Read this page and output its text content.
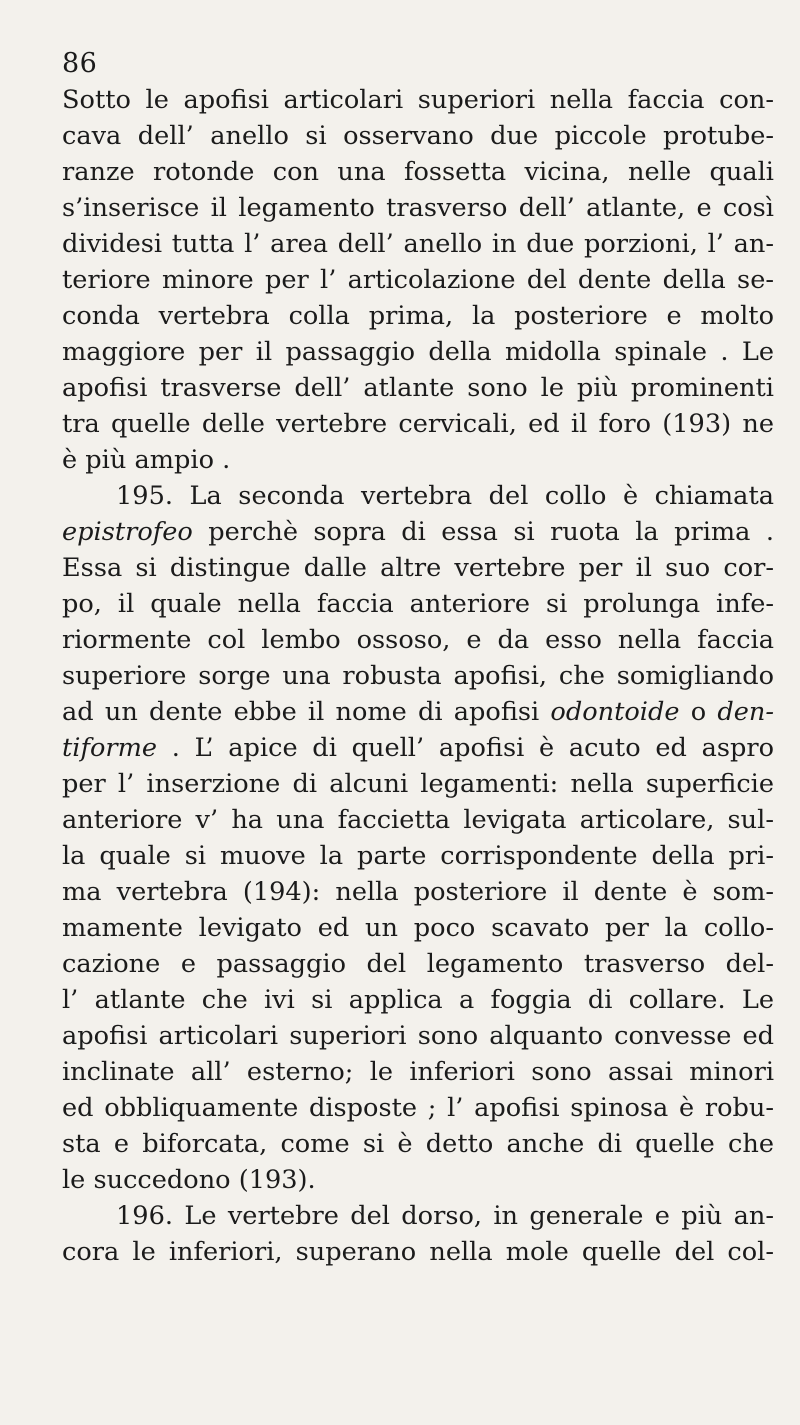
86
Sotto le apofisi articolari superiori nella faccia con-
cava dell’ anello si osservano due piccole protube-
ranze rotonde con una fossetta vicina, nelle quali
s’inserisce il legamento trasverso dell’ atlante, e così
dividesi tutta l’ area dell’ anello in due porzioni, l’ an-
teriore minore per l’ articolazione del dente della se-
conda vertebra colla prima, la posteriore e molto
maggiore per il passaggio della midolla spinale . Le
apofisi trasverse dell’ atlante sono le più prominenti
tra quelle delle vertebre cervicali, ed il foro (193) ne
è più ampio .
195. La seconda vertebra del collo è chiamata
epistrofeo perchè sopra di essa si ruota la prima .
Essa si distingue dalle altre vertebre per il suo cor-
po, il quale nella faccia anteriore si prolunga infe-
riormente col lembo ossoso, e da esso nella faccia
superiore sorge una robusta apofisi, che somigliando
ad un dente ebbe il nome di apofisi odontoide o den-
tiforme . L’ apice di quell’ apofisi è acuto ed aspro
per l’ inserzione di alcuni legamenti: nella superficie
anteriore v’ ha una faccietta levigata articolare, sul-
la quale si muove la parte corrispondente della pri-
ma vertebra (194): nella posteriore il dente è som-
mamente levigato ed un poco scavato per la collo-
cazione e passaggio del legamento trasverso del-
l’ atlante che ivi si applica a foggia di collare. Le
apofisi articolari superiori sono alquanto convesse ed
inclinate all’ esterno; le inferiori sono assai minori
ed obbliquamente disposte ; l’ apofisi spinosa è robu-
sta e biforcata, come si è detto anche di quelle che
le succedono (193).
196. Le vertebre del dorso, in generale e più an-
cora le inferiori, superano nella mole quelle del col-
